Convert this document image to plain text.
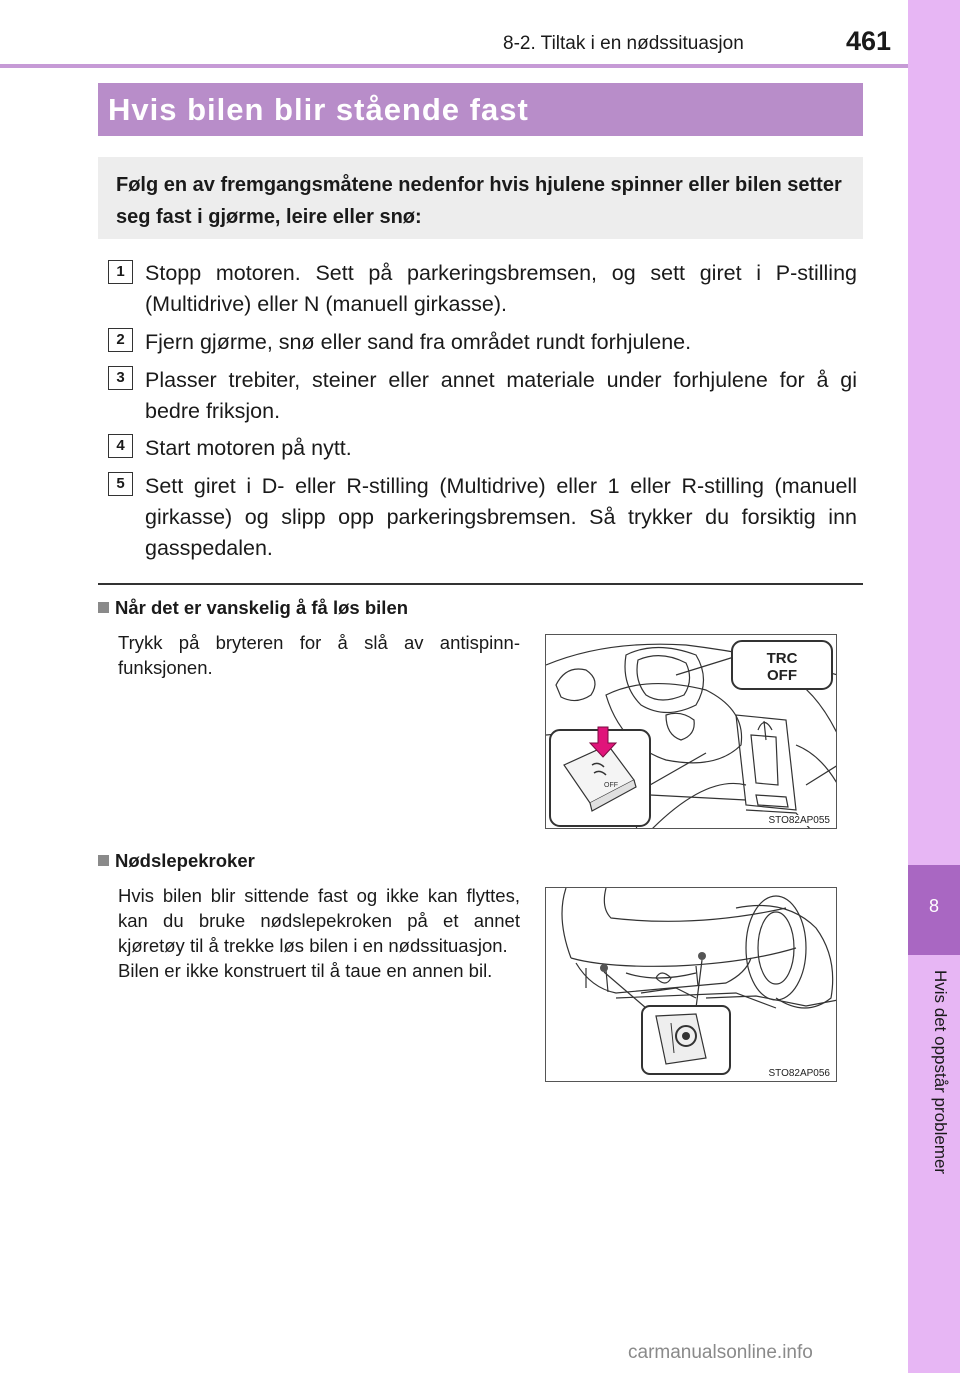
8-2. Tiltak i en nødssituasjon	461
8
Hvis det oppstår problemer
Hvis bilen blir stående fast
Følg en av fremgangsmåtene nedenfor hvis hjulene spinner eller bilen setter seg fast i gjørme, leire eller snø:
1 Stopp motoren. Sett på parkeringsbremsen, og sett giret i P-stilling (Multidrive) eller N (manuell girkasse).
2 Fjern gjørme, snø eller sand fra området rundt forhjulene.
3 Plasser trebiter, steiner eller annet materiale under forhjulene for å gi bedre friksjon.
4 Start motoren på nytt.
5 Sett giret i D- eller R-stilling (Multidrive) eller 1 eller R-stilling (manuell girkasse) og slipp opp parkeringsbremsen. Så trykker du forsiktig inn gasspedalen.
Når det er vanskelig å få løs bilen
Trykk på bryteren for å slå av antispinn-funksjonen.	TRC
OFF
OFF
STO82AP055
Nødslepekroker
Hvis bilen blir sittende fast og ikke kan flyttes, kan du bruke nødslepekroken på et annet kjøretøy til å trekke løs bilen i en nødssituasjon.
Bilen er ikke konstruert til å taue en annen bil.
STO82AP056
carmanualsonline.info
